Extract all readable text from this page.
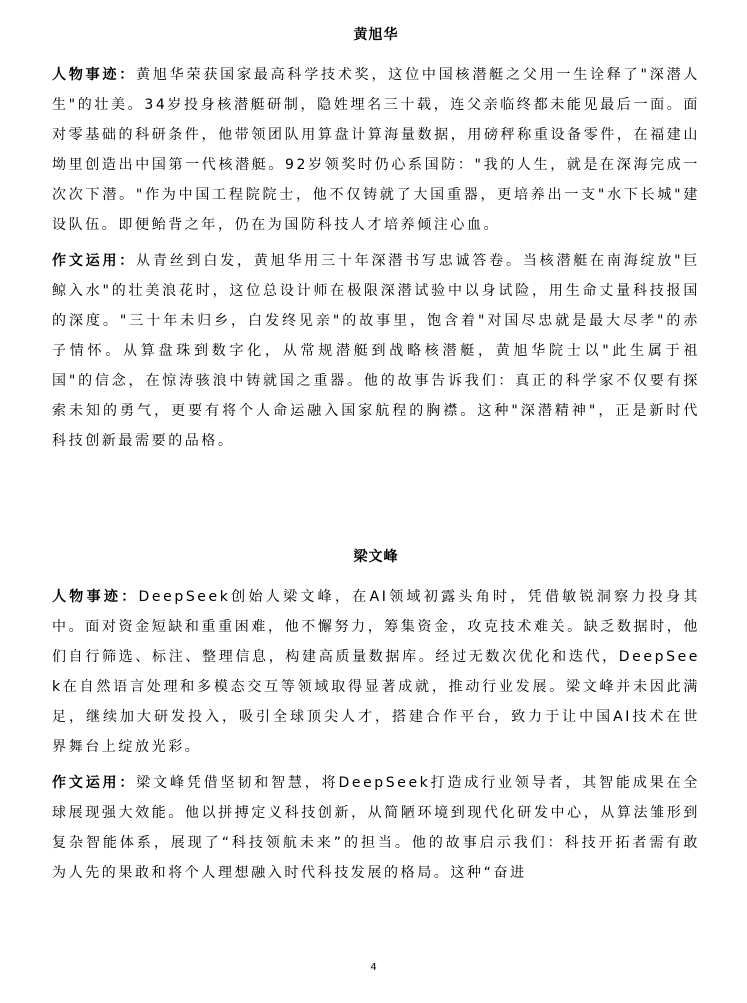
黄旭华

人物事迹：黄旭华荣获国家最高科学技术奖，这位中国核潜艇之父用一生诠释了"深潜人生"的壮美。34岁投身核潜艇研制，隐姓埋名三十载，连父亲临终都未能见最后一面。面对零基础的科研条件，他带领团队用算盘计算海量数据，用磅秤称重设备零件，在福建山坳里创造出中国第一代核潜艇。92岁领奖时仍心系国防："我的人生，就是在深海完成一次次下潜。"作为中国工程院院士，他不仅铸就了大国重器，更培养出一支"水下长城"建设队伍。即便鲐背之年，仍在为国防科技人才培养倾注心血。

作文运用：从青丝到白发，黄旭华用三十年深潜书写忠诚答卷。当核潜艇在南海绽放"巨鲸入水"的壮美浪花时，这位总设计师在极限深潜试验中以身试险，用生命丈量科技报国的深度。"三十年未归乡，白发终见亲"的故事里，饱含着"对国尽忠就是最大尽孝"的赤子情怀。从算盘珠到数字化，从常规潜艇到战略核潜艇，黄旭华院士以"此生属于祖国"的信念，在惊涛骇浪中铸就国之重器。他的故事告诉我们：真正的科学家不仅要有探索未知的勇气，更要有将个人命运融入国家航程的胸襟。这种"深潜精神"，正是新时代科技创新最需要的品格。

梁文峰

人物事迹：DeepSeek创始人梁文峰，在AI领域初露头角时，凭借敏锐洞察力投身其中。面对资金短缺和重重困难，他不懈努力，筹集资金，攻克技术难关。缺乏数据时，他们自行筛选、标注、整理信息，构建高质量数据库。经过无数次优化和迭代，DeepSeek在自然语言处理和多模态交互等领域取得显著成就，推动行业发展。梁文峰并未因此满足，继续加大研发投入，吸引全球顶尖人才，搭建合作平台，致力于让中国AI技术在世界舞台上绽放光彩。

作文运用：梁文峰凭借坚韧和智慧，将DeepSeek打造成行业领导者，其智能成果在全球展现强大效能。他以拼搏定义科技创新，从简陋环境到现代化研发中心，从算法雏形到复杂智能体系，展现了“科技领航未来”的担当。他的故事启示我们：科技开拓者需有敢为人先的果敢和将个人理想融入时代科技发展的格局。这种“奋进

4
